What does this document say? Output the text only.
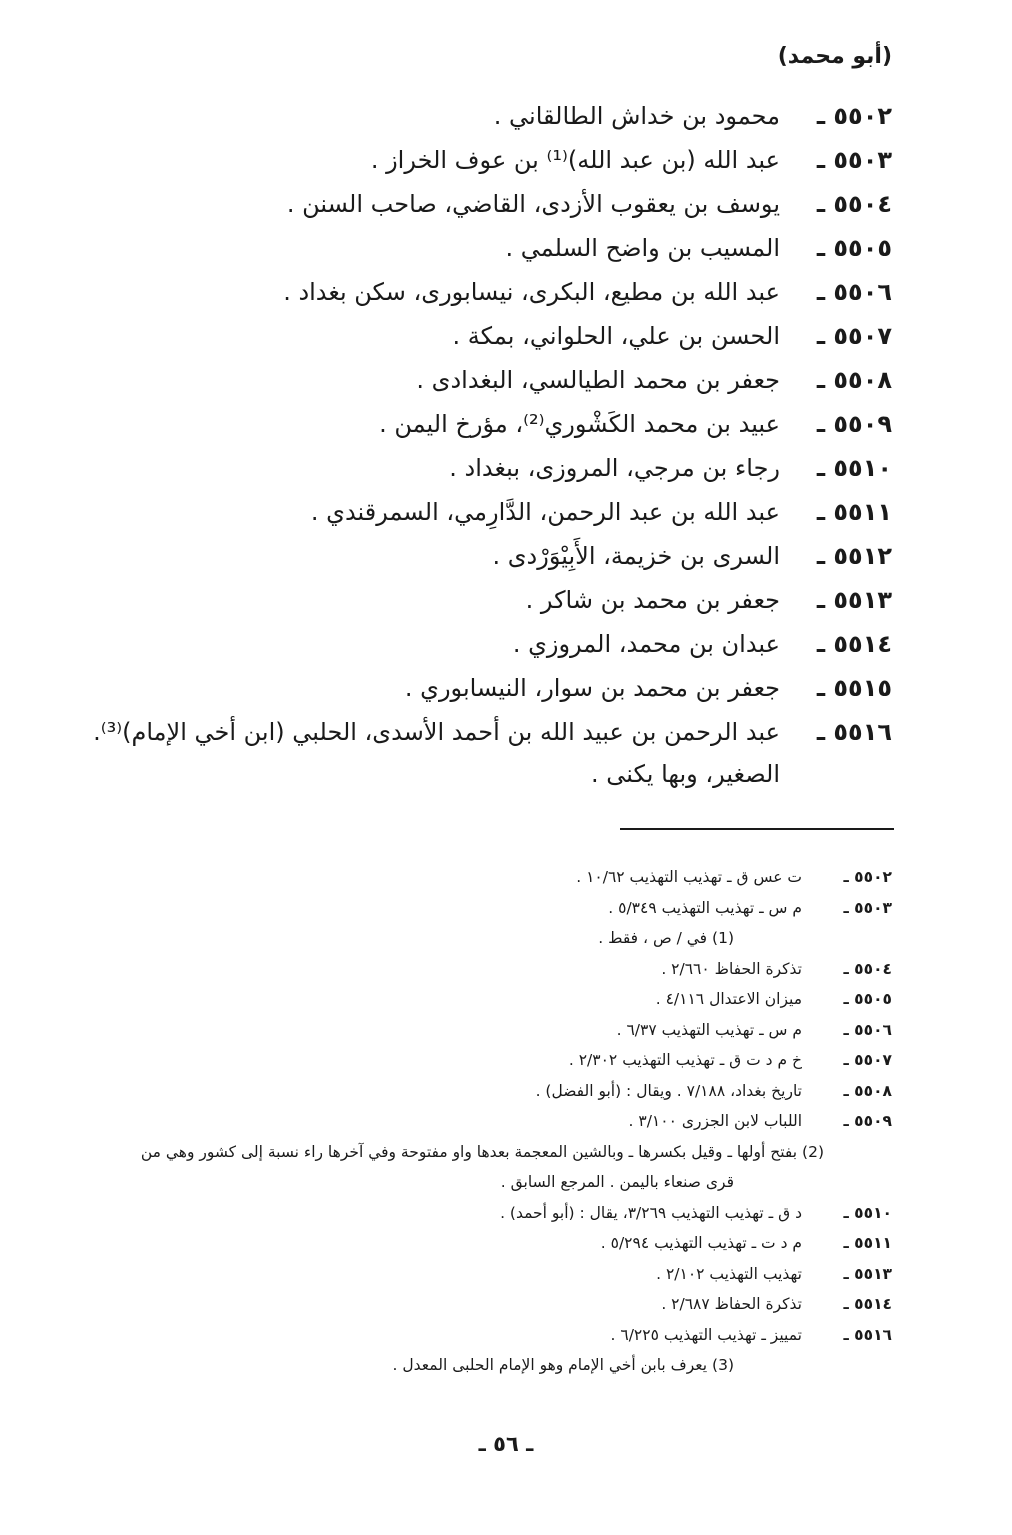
(أبو محمد)
٥٥٠٢ ـ
محمود بن خداش الطالقاني .
٥٥٠٣ ـ
عبد الله (بن عبد الله)⁽¹⁾ بن عوف الخراز .
٥٥٠٤ ـ
يوسف بن يعقوب الأزدى، القاضي، صاحب السنن .
٥٥٠٥ ـ
المسيب بن واضح السلمي .
٥٥٠٦ ـ
عبد الله بن مطيع، البكرى، نيسابورى، سكن بغداد .
٥٥٠٧ ـ
الحسن بن علي، الحلواني، بمكة .
٥٥٠٨ ـ
جعفر بن محمد الطيالسي، البغدادى .
٥٥٠٩ ـ
عبيد بن محمد الكَشْوري⁽²⁾، مؤرخ اليمن .
٥٥١٠ ـ
رجاء بن مرجي، المروزى، ببغداد .
٥٥١١ ـ
عبد الله بن عبد الرحمن، الدَّارِمي، السمرقندي .
٥٥١٢ ـ
السرى بن خزيمة، الأَبِيْوَرْدى .
٥٥١٣ ـ
جعفر بن محمد بن شاكر .
٥٥١٤ ـ
عبدان بن محمد، المروزي .
٥٥١٥ ـ
جعفر بن محمد بن سوار، النيسابوري .
٥٥١٦ ـ
عبد الرحمن بن عبيد الله بن أحمد الأسدى، الحلبي (ابن أخي الإمام)⁽³⁾.
الصغير، وبها يكنى .
٥٥٠٢ ـ
ت عس ق ـ تهذيب التهذيب ١٠/٦٢ .
٥٥٠٣ ـ
م س ـ تهذيب التهذيب ٥/٣٤٩ .
(1) في / ص ، فقط .
٥٥٠٤ ـ
تذكرة الحفاظ ٢/٦٦٠ .
٥٥٠٥ ـ
ميزان الاعتدال ٤/١١٦ .
٥٥٠٦ ـ
م س ـ تهذيب التهذيب ٦/٣٧ .
٥٥٠٧ ـ
خ م د ت ق ـ تهذيب التهذيب ٢/٣٠٢ .
٥٥٠٨ ـ
تاريخ بغداد، ٧/١٨٨ . ويقال : (أبو الفضل) .
٥٥٠٩ ـ
اللباب لابن الجزرى ٣/١٠٠ .
(2) بفتح أولها ـ وقيل بكسرها ـ وبالشين المعجمة بعدها واو مفتوحة وفي آخرها راء نسبة إلى كشور وهي من
قرى صنعاء باليمن . المرجع السابق .
٥٥١٠ ـ
د ق ـ تهذيب التهذيب ٣/٢٦٩، يقال : (أبو أحمد) .
٥٥١١ ـ
م د ت ـ تهذيب التهذيب ٥/٢٩٤ .
٥٥١٣ ـ
تهذيب التهذيب ٢/١٠٢ .
٥٥١٤ ـ
تذكرة الحفاظ ٢/٦٨٧ .
٥٥١٦ ـ
تمييز ـ تهذيب التهذيب ٦/٢٢٥ .
(3) يعرف بابن أخي الإمام وهو الإمام الحلبى المعدل .
ـ ٥٦ ـ
